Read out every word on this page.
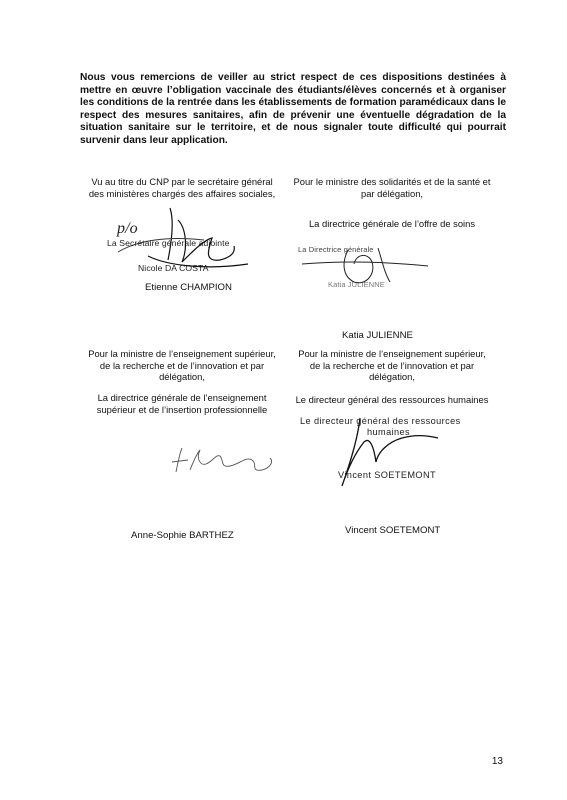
Nous vous remercions de veiller au strict respect de ces dispositions destinées à mettre en œuvre l’obligation vaccinale des étudiants/élèves concernés et à organiser les conditions de la rentrée dans les établissements de formation paramédicaux dans le respect des mesures sanitaires, afin de prévenir une éventuelle dégradation de la situation sanitaire sur le territoire, et de nous signaler toute difficulté qui pourrait survenir dans leur application.
Vu au titre du CNP par le secrétaire général
des ministères chargés des affaires sociales,
p/o
La Secrétaire générale adjointe
Nicole DA COSTA
Etienne CHAMPION
Pour le ministre des solidarités et de la santé et
par délégation,
La directrice générale de l’offre de soins
La Directrice générale
Katia JULIENNE
Katia JULIENNE
Pour la ministre de l’enseignement supérieur,
de la recherche et de l’innovation et par
délégation,
La directrice générale de l’enseignement
supérieur et de l’insertion professionnelle
Anne-Sophie BARTHEZ
Pour la ministre de l’enseignement supérieur,
de la recherche et de l’innovation et par
délégation,
Le directeur général des ressources humaines
Le directeur général des ressources
humaines
Vincent SOETEMONT
Vincent SOETEMONT
13
